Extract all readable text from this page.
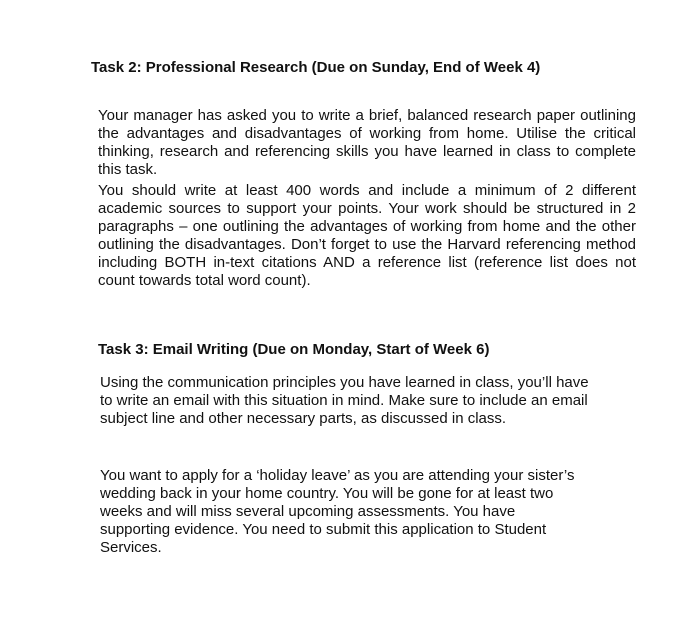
Task 2: Professional Research (Due on Sunday, End of Week 4)

Your manager has asked you to write a brief, balanced research paper outlining the advantages and disadvantages of working from home. Utilise the critical thinking, research and referencing skills you have learned in class to complete this task.

You should write at least 400 words and include a minimum of 2 different academic sources to support your points. Your work should be structured in 2 paragraphs – one outlining the advantages of working from home and the other outlining the disadvantages. Don’t forget to use the Harvard referencing method including BOTH in-text citations AND a reference list (reference list does not count towards total word count).

Task 3: Email Writing (Due on Monday, Start of Week 6)

Using the communication principles you have learned in class, you’ll have to write an email with this situation in mind. Make sure to include an email subject line and other necessary parts, as discussed in class.

You want to apply for a ‘holiday leave’ as you are attending your sister’s wedding back in your home country. You will be gone for at least two weeks and will miss several upcoming assessments. You have supporting evidence. You need to submit this application to Student Services.
